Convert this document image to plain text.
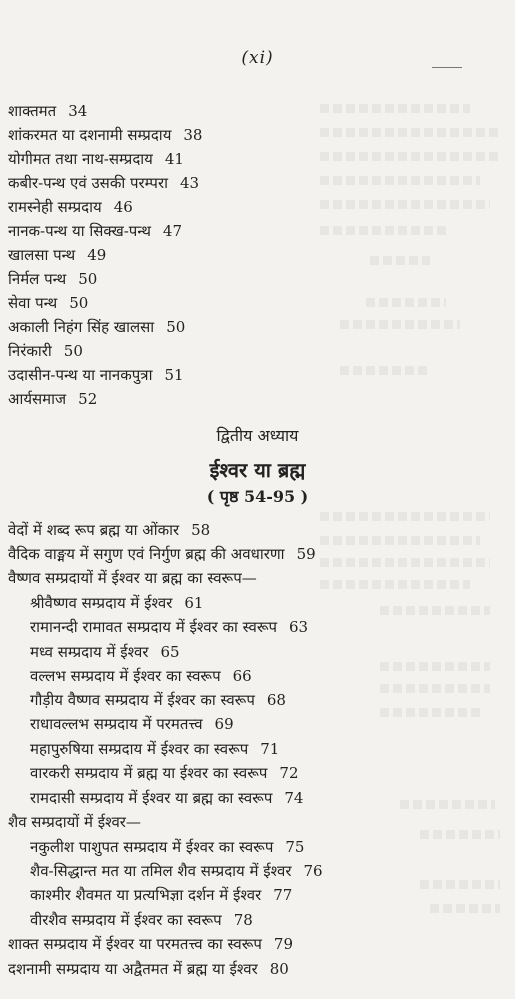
(xi)
शाक्तमत 34
शांकरमत या दशनामी सम्प्रदाय 38
योगीमत तथा नाथ-सम्प्रदाय 41
कबीर-पन्थ एवं उसकी परम्परा 43
रामस्नेही सम्प्रदाय 46
नानक-पन्थ या सिक्ख-पन्थ 47
खालसा पन्थ 49
निर्मल पन्थ 50
सेवा पन्थ 50
अकाली निहंग सिंह खालसा 50
निरंकारी 50
उदासीन-पन्थ या नानकपुत्रा 51
आर्यसमाज 52
द्वितीय अध्याय
ईश्वर या ब्रह्म
( पृष्ठ 54-95 )
वेदों में शब्द रूप ब्रह्म या ओंकार 58
वैदिक वाङ्मय में सगुण एवं निर्गुण ब्रह्म की अवधारणा 59
वैष्णव सम्प्रदायों में ईश्वर या ब्रह्म का स्वरूप—
श्रीवैष्णव सम्प्रदाय में ईश्वर 61
रामानन्दी रामावत सम्प्रदाय में ईश्वर का स्वरूप 63
मध्व सम्प्रदाय में ईश्वर 65
वल्लभ सम्प्रदाय में ईश्वर का स्वरूप 66
गौड़ीय वैष्णव सम्प्रदाय में ईश्वर का स्वरूप 68
राधावल्लभ सम्प्रदाय में परमतत्त्व 69
महापुरुषिया सम्प्रदाय में ईश्वर का स्वरूप 71
वारकरी सम्प्रदाय में ब्रह्म या ईश्वर का स्वरूप 72
रामदासी सम्प्रदाय में ईश्वर या ब्रह्म का स्वरूप 74
शैव सम्प्रदायों में ईश्वर—
नकुलीश पाशुपत सम्प्रदाय में ईश्वर का स्वरूप 75
शैव-सिद्धान्त मत या तमिल शैव सम्प्रदाय में ईश्वर 76
काश्मीर शैवमत या प्रत्यभिज्ञा दर्शन में ईश्वर 77
वीरशैव सम्प्रदाय में ईश्वर का स्वरूप 78
शाक्त सम्प्रदाय में ईश्वर या परमतत्त्व का स्वरूप 79
दशनामी सम्प्रदाय या अद्वैतमत में ब्रह्म या ईश्वर 80
